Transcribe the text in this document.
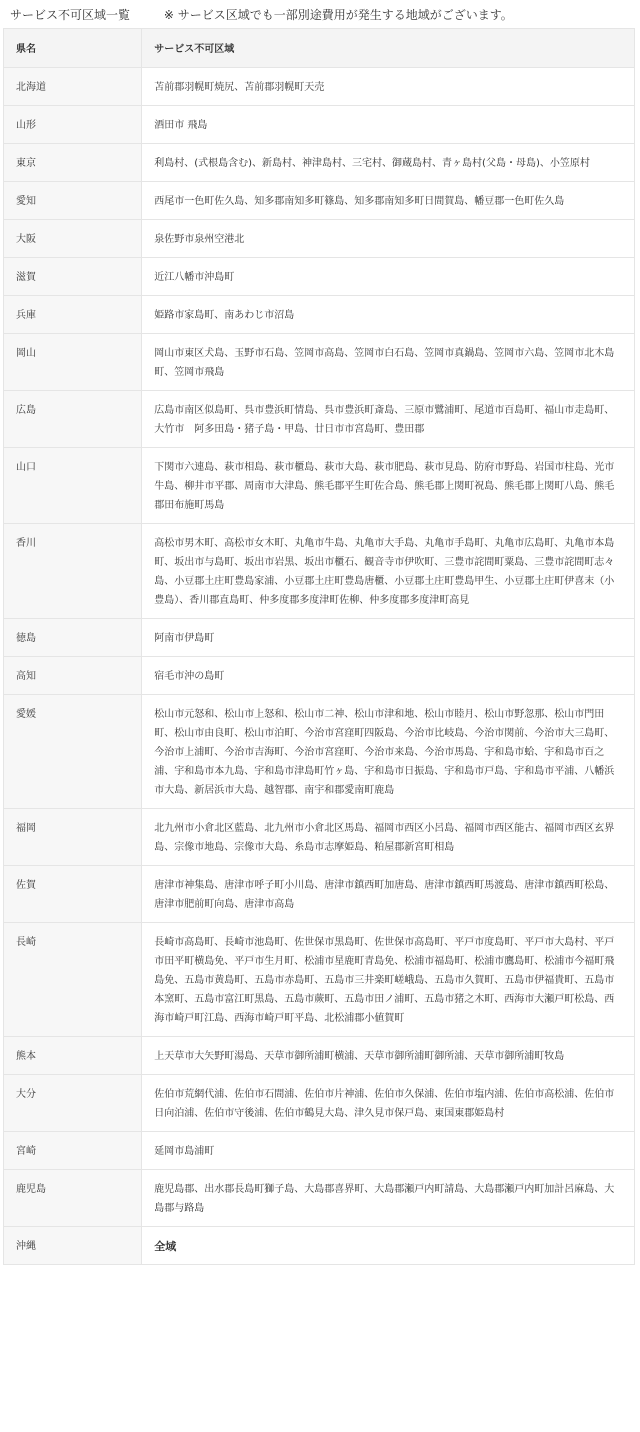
サービス不可区域一覧	※ サービス区域でも一部別途費用が発生する地域がございます。
県名	サービス不可区域
北海道	苫前郡羽幌町焼尻、苫前郡羽幌町天売
山形	酒田市 飛島
東京	利島村、(式根島含む)、新島村、神津島村、三宅村、御蔵島村、青ヶ島村(父島・母島)、小笠原村
愛知	西尾市一色町佐久島、知多郡南知多町篠島、知多郡南知多町日間賀島、幡豆郡一色町佐久島
大阪	泉佐野市泉州空港北
滋賀	近江八幡市沖島町
兵庫	姫路市家島町、南あわじ市沼島
岡山	岡山市東区犬島、玉野市石島、笠岡市高島、笠岡市白石島、笠岡市真鍋島、笠岡市六島、笠岡市北木島町、笠岡市飛島
広島	広島市南区似島町、呉市豊浜町情島、呉市豊浜町斎島、三原市鷺浦町、尾道市百島町、福山市走島町、大竹市　阿多田島・猪子島・甲島、廿日市市宮島町、豊田郡
山口	下関市六連島、萩市相島、萩市櫃島、萩市大島、萩市肥島、萩市見島、防府市野島、岩国市柱島、光市牛島、柳井市平郡、周南市大津島、熊毛郡平生町佐合島、熊毛郡上関町祝島、熊毛郡上関町八島、熊毛郡田布施町馬島
香川	高松市男木町、高松市女木町、丸亀市牛島、丸亀市大手島、丸亀市手島町、丸亀市広島町、丸亀市本島町、坂出市与島町、坂出市岩黒、坂出市櫃石、観音寺市伊吹町、三豊市詫間町粟島、三豊市詫間町志々島、小豆郡土庄町豊島家浦、小豆郡土庄町豊島唐櫃、小豆郡土庄町豊島甲生、小豆郡土庄町伊喜末（小豊島）、香川郡直島町、仲多度郡多度津町佐柳、仲多度郡多度津町高見
徳島	阿南市伊島町
高知	宿毛市沖の島町
愛媛	松山市元怒和、松山市上怒和、松山市二神、松山市津和地、松山市睦月、松山市野忽那、松山市門田町、松山市由良町、松山市泊町、今治市宮窪町四阪島、今治市比岐島、今治市関前、今治市大三島町、今治市上浦町、今治市吉海町、今治市宮窪町、今治市来島、今治市馬島、宇和島市蛤、宇和島市百之浦、宇和島市本九島、宇和島市津島町竹ヶ島、宇和島市日振島、宇和島市戸島、宇和島市平浦、八幡浜市大島、新居浜市大島、越智郡、南宇和郡愛南町鹿島
福岡	北九州市小倉北区藍島、北九州市小倉北区馬島、福岡市西区小呂島、福岡市西区能古、福岡市西区玄界島、宗像市地島、宗像市大島、糸島市志摩姫島、粕屋郡新宮町相島
佐賀	唐津市神集島、唐津市呼子町小川島、唐津市鎮西町加唐島、唐津市鎮西町馬渡島、唐津市鎮西町松島、唐津市肥前町向島、唐津市高島
長崎	長崎市高島町、長崎市池島町、佐世保市黒島町、佐世保市高島町、平戸市度島町、平戸市大島村、平戸市田平町横島免、平戸市生月町、松浦市星鹿町青島免、松浦市福島町、松浦市鷹島町、松浦市今福町飛島免、五島市黄島町、五島市赤島町、五島市三井楽町嵯峨島、五島市久賀町、五島市伊福貴町、五島市本窯町、五島市富江町黒島、五島市蕨町、五島市田ノ浦町、五島市猪之木町、西海市大瀬戸町松島、西海市崎戸町江島、西海市崎戸町平島、北松浦郡小値賀町
熊本	上天草市大矢野町湯島、天草市御所浦町横浦、天草市御所浦町御所浦、天草市御所浦町牧島
大分	佐伯市荒網代浦、佐伯市石間浦、佐伯市片神浦、佐伯市久保浦、佐伯市塩内浦、佐伯市高松浦、佐伯市日向泊浦、佐伯市守後浦、佐伯市鶴見大島、津久見市保戸島、東国東郡姫島村
宮崎	延岡市島浦町
鹿児島	鹿児島郡、出水郡長島町獅子島、大島郡喜界町、大島郡瀬戸内町請島、大島郡瀬戸内町加計呂麻島、大島郡与路島
沖縄	全域
